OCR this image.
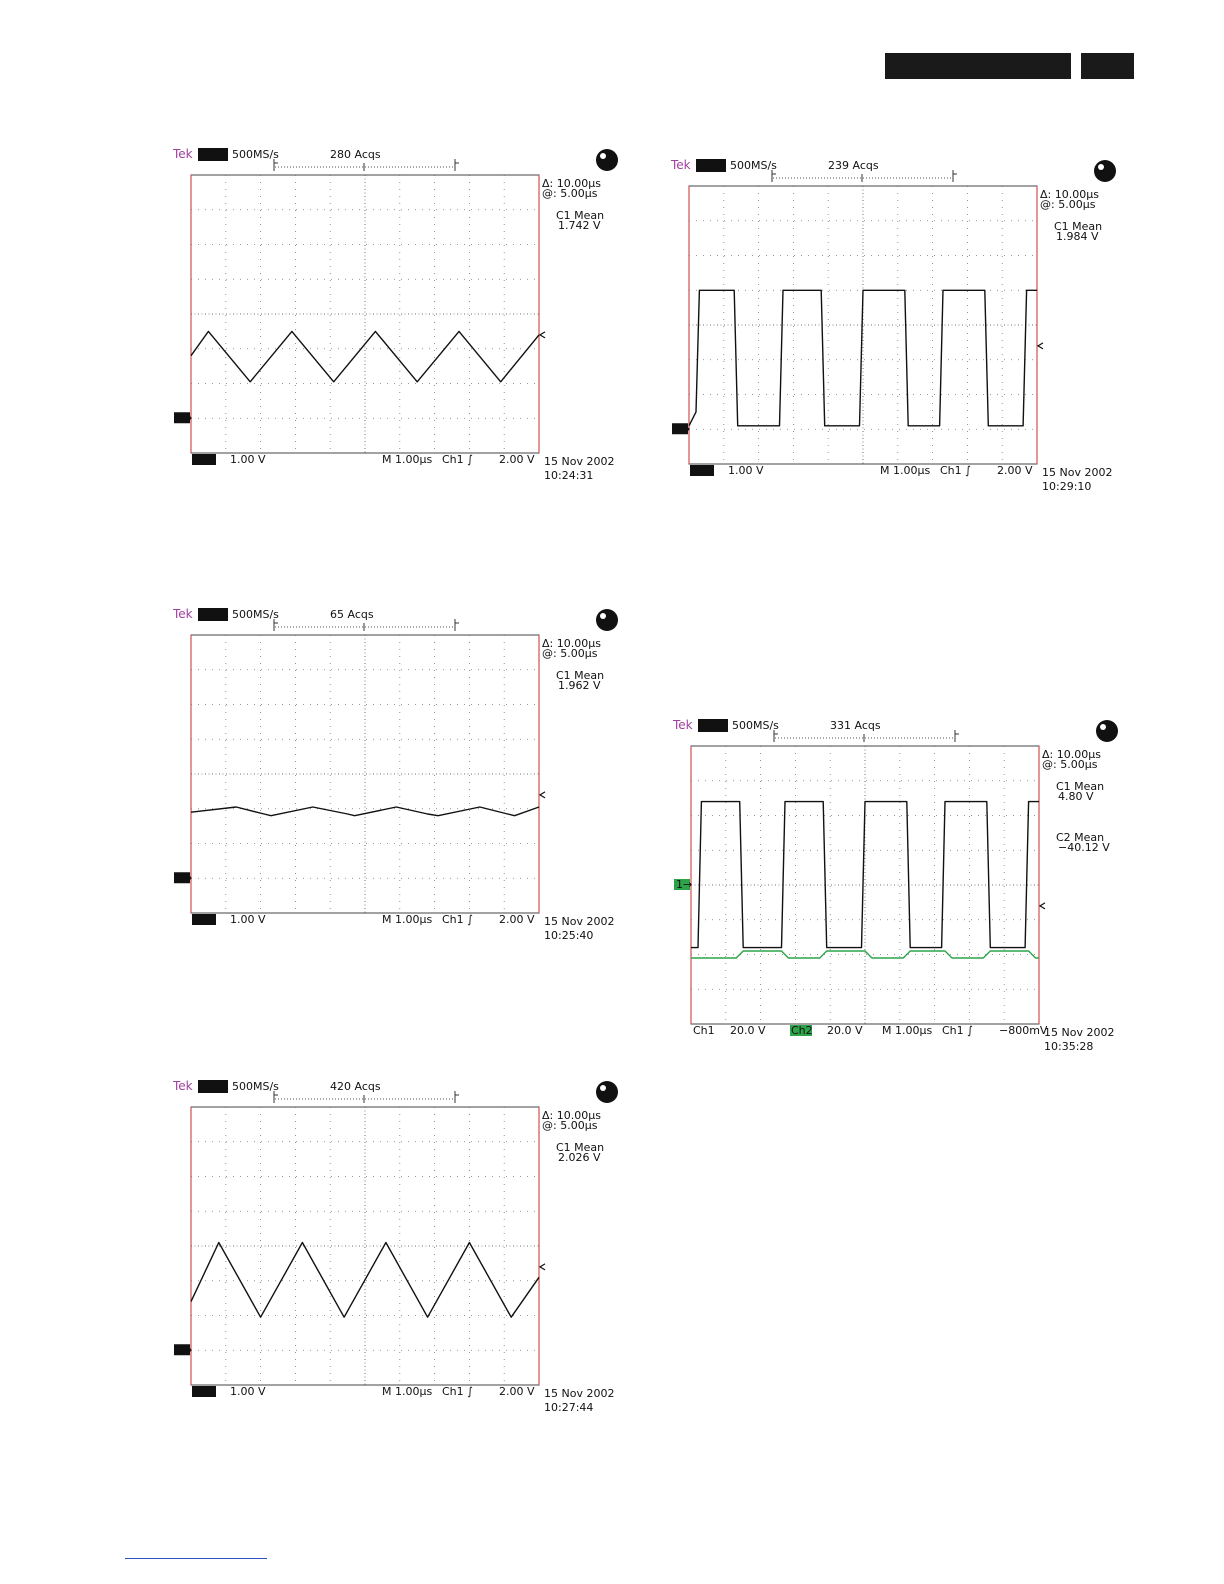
Tek Stop: 500MS/s	280 Acqs
1→
Δ: 10.00µs
@: 5.00µs
C1 Mean
1.742 V
Ch1 1.00 V	M 1.00µs Ch1 ∫ 2.00 V 15 Nov 2002
10:24:31
Tek Stop: 500MS/s	65 Acqs
1→
Δ: 10.00µs
@: 5.00µs
C1 Mean
1.962 V
Ch1 1.00 V	M 1.00µs Ch1 ∫ 2.00 V 15 Nov 2002
10:25:40
Tek Stop: 500MS/s	420 Acqs
1→
Δ: 10.00µs
@: 5.00µs
C1 Mean
2.026 V
Ch1 1.00 V	M 1.00µs Ch1 ∫ 2.00 V 15 Nov 2002
10:27:44
Tek Stop: 500MS/s	239 Acqs
1→
Δ: 10.00µs
@: 5.00µs
C1 Mean
1.984 V
Ch1 1.00 V	M 1.00µs Ch1 ∫ 2.00 V 15 Nov 2002
10:29:10
Tek Stop: 500MS/s	331 Acqs
1→
Δ: 10.00µs
@: 5.00µs
C1 Mean
4.80 V
C2 Mean
−40.12 V
Ch1 20.0 V Ch2 20.0 V M 1.00µs Ch1 ∫ −800mV
15 Nov 2002
10:35:28
